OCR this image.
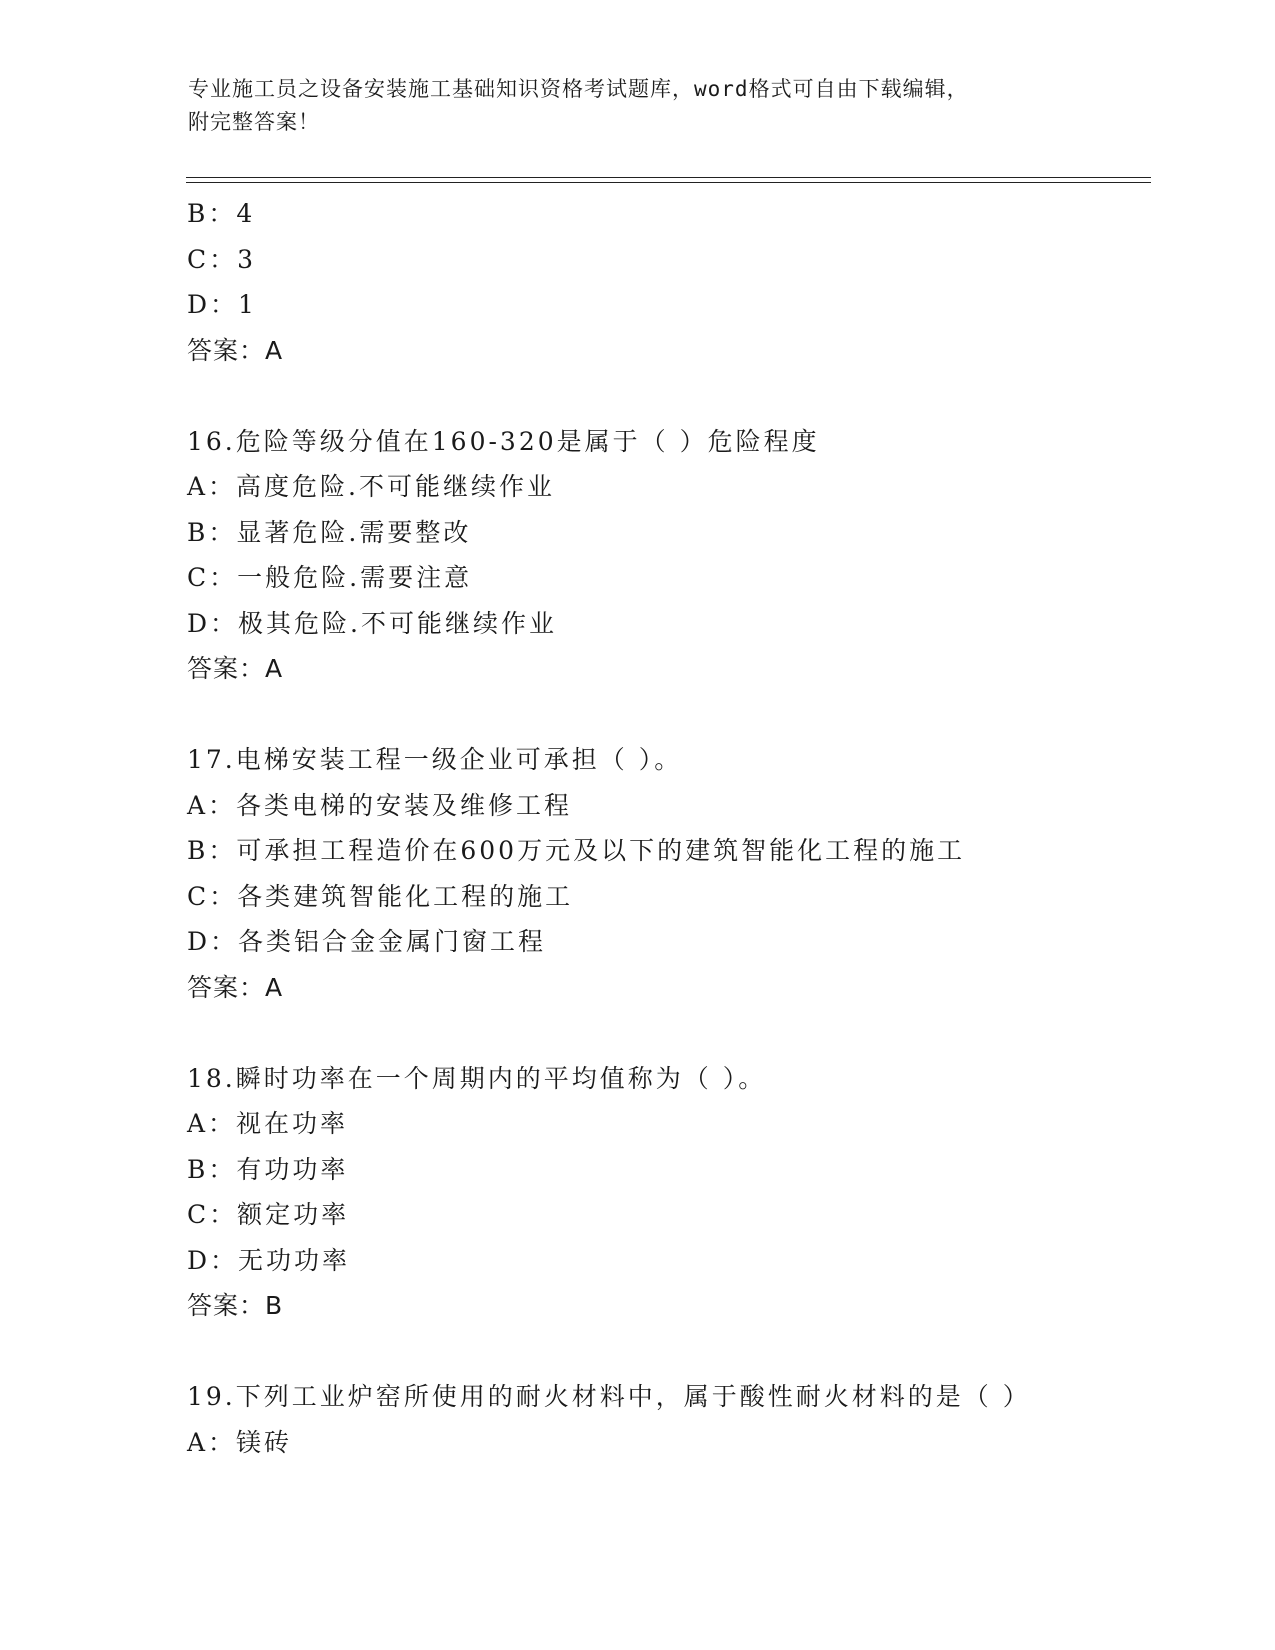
专业施工员之设备安装施工基础知识资格考试题库，word格式可自由下载编辑，
附完整答案！
B：4
C：3
D：1
答案：A
16.危险等级分值在160-320是属于（ ）危险程度
A：高度危险.不可能继续作业
B：显著危险.需要整改
C：一般危险.需要注意
D：极其危险.不可能继续作业
答案：A
17.电梯安装工程一级企业可承担（ ）。
A：各类电梯的安装及维修工程
B：可承担工程造价在600万元及以下的建筑智能化工程的施工
C：各类建筑智能化工程的施工
D：各类铝合金金属门窗工程
答案：A
18.瞬时功率在一个周期内的平均值称为（ ）。
A：视在功率
B：有功功率
C：额定功率
D：无功功率
答案：B
19.下列工业炉窑所使用的耐火材料中，属于酸性耐火材料的是（ ）
A：镁砖
